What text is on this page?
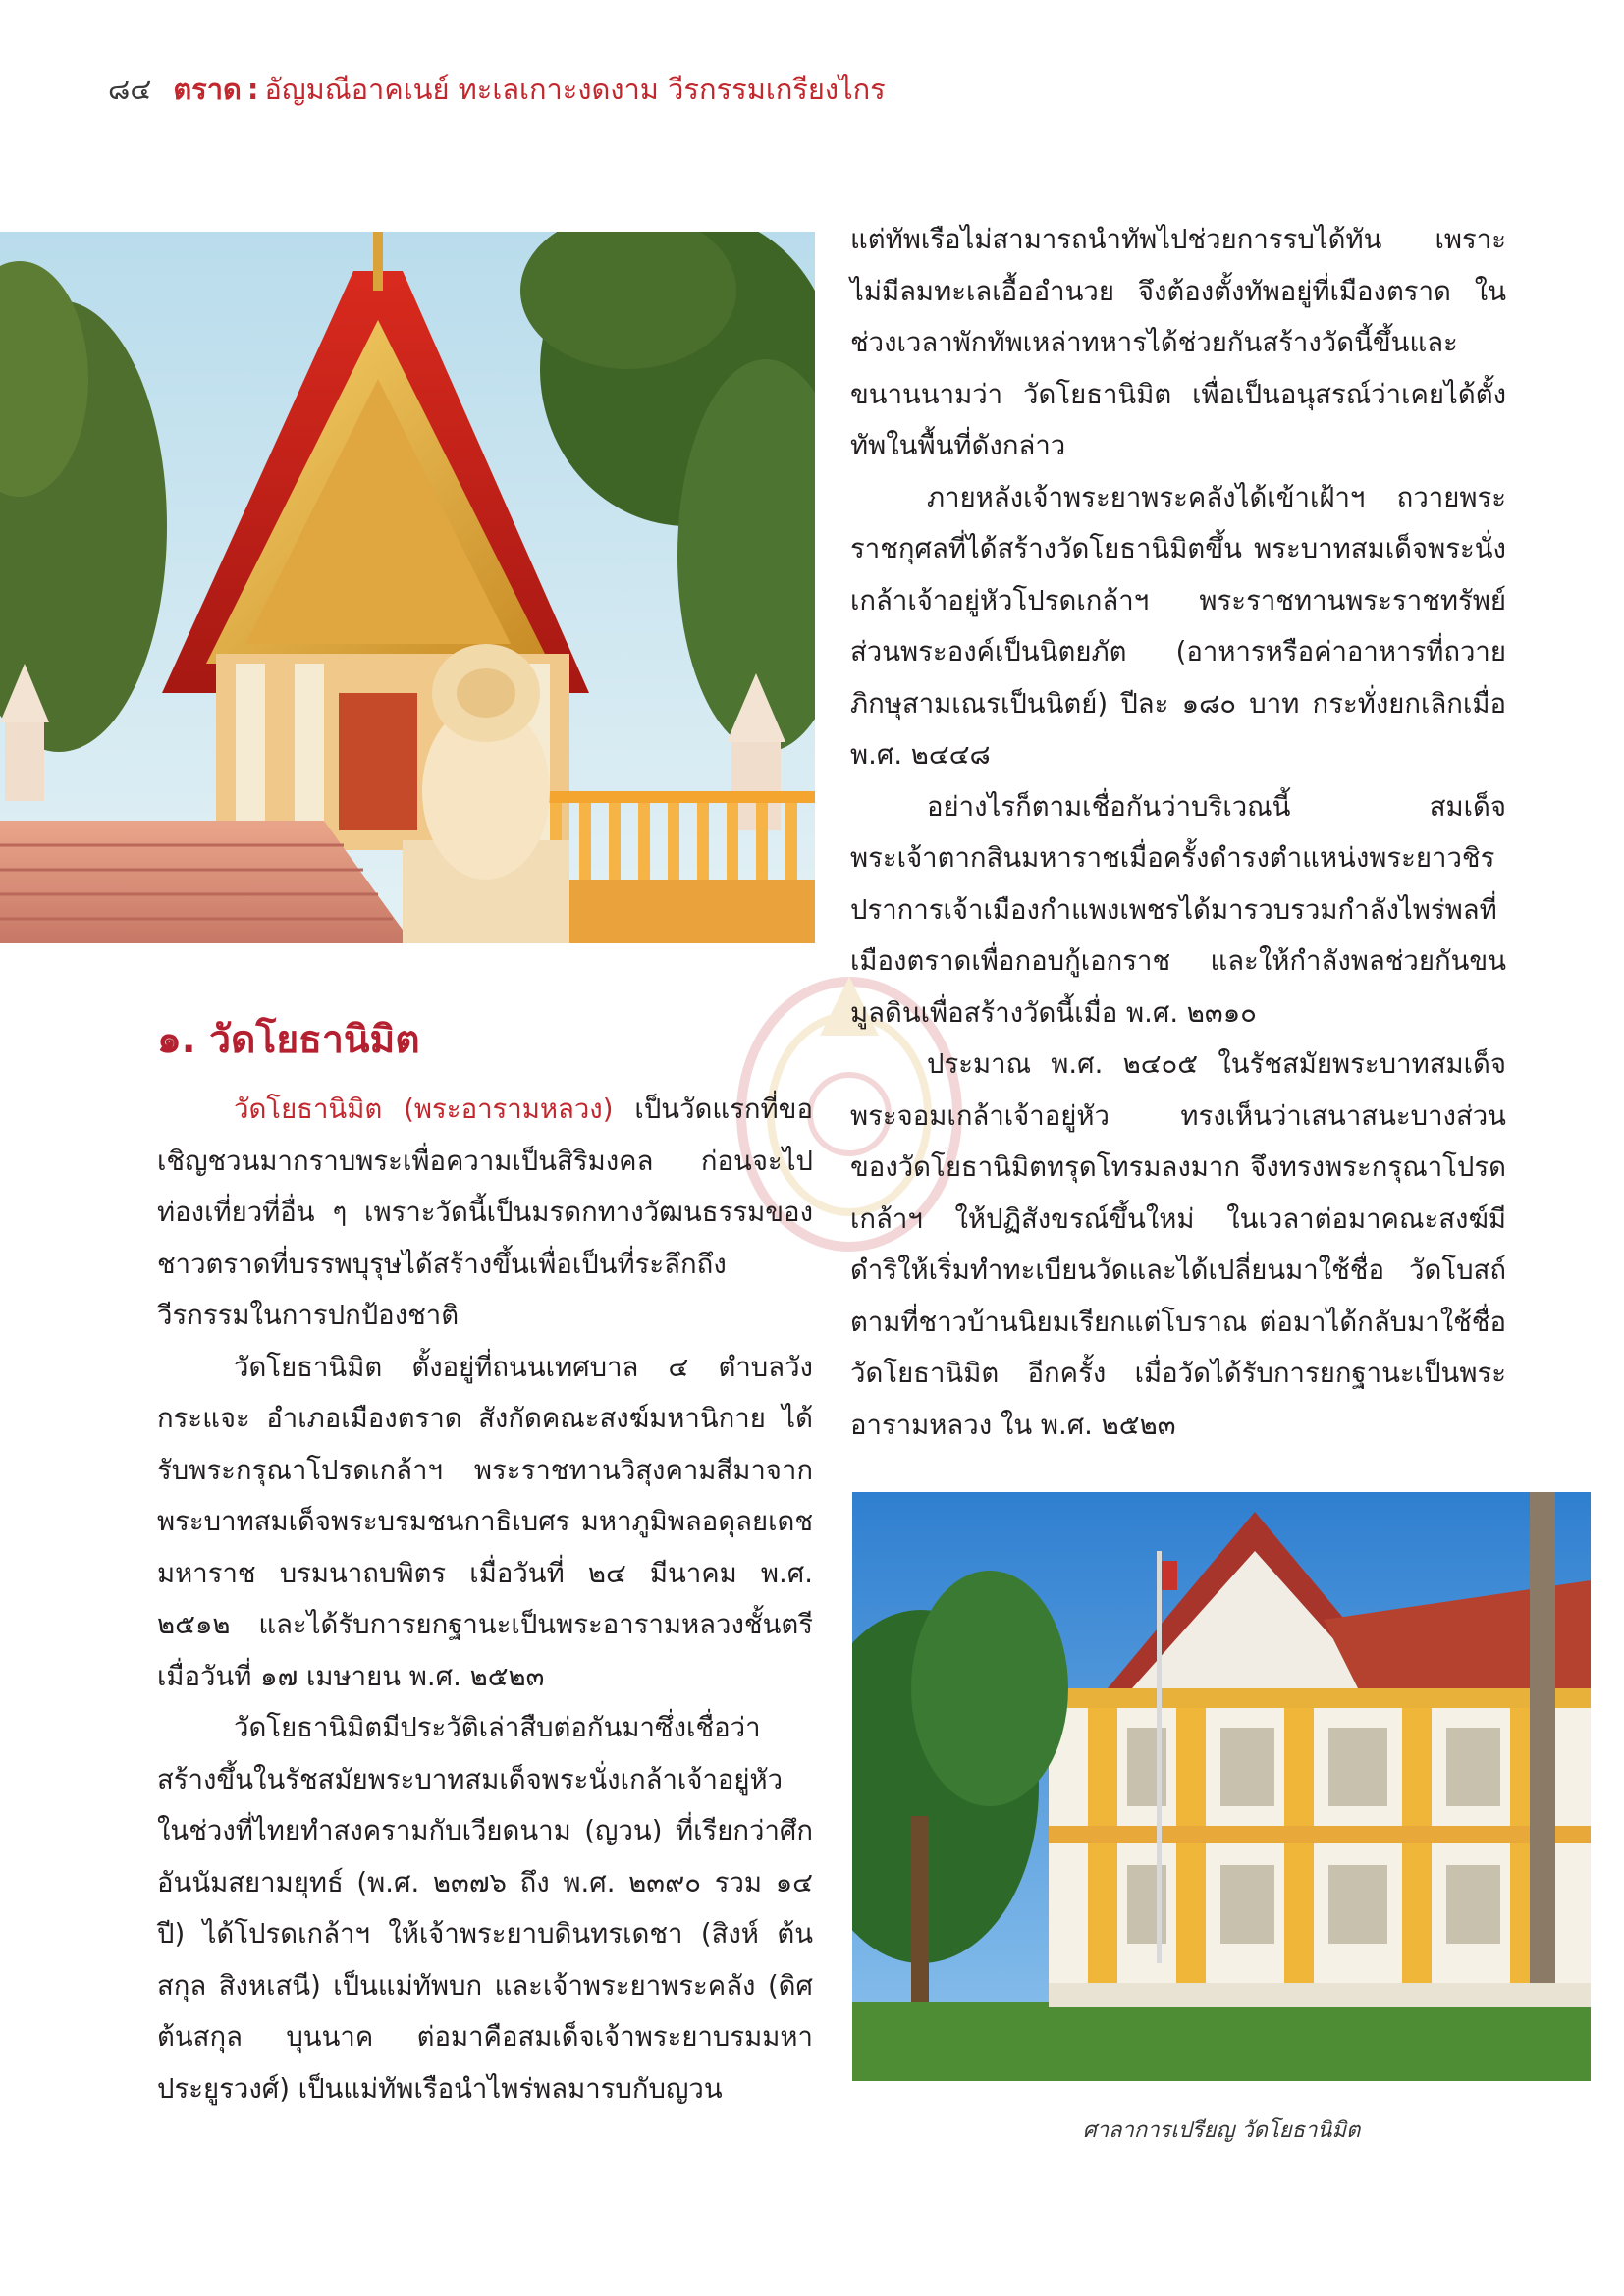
๘๔ ตราด : อัญมณีอาคเนย์ ทะเลเกาะงดงาม วีรกรรมเกรียงไกร
๑. วัดโยธานิมิต

วัดโยธานิมิต (พระอารามหลวง) เป็นวัดแรกที่ขอเชิญชวนมากราบพระเพื่อความเป็นสิริมงคล ก่อนจะไปท่องเที่ยวที่อื่น ๆ เพราะวัดนี้เป็นมรดกทางวัฒนธรรมของชาวตราดที่บรรพบุรุษได้สร้างขึ้นเพื่อเป็นที่ระลึกถึงวีรกรรมในการปกป้องชาติ

วัดโยธานิมิต ตั้งอยู่ที่ถนนเทศบาล ๔ ตำบลวังกระแจะ อำเภอเมืองตราด สังกัดคณะสงฆ์มหานิกาย ได้รับพระกรุณาโปรดเกล้าฯ พระราชทานวิสุงคามสีมาจากพระบาทสมเด็จพระบรมชนกาธิเบศร มหาภูมิพลอดุลยเดช มหาราช บรมนาถบพิตร เมื่อวันที่ ๒๔ มีนาคม พ.ศ. ๒๕๑๒ และได้รับการยกฐานะเป็นพระอารามหลวงชั้นตรี เมื่อวันที่ ๑๗ เมษายน พ.ศ. ๒๕๒๓

วัดโยธานิมิตมีประวัติเล่าสืบต่อกันมาซึ่งเชื่อว่าสร้างขึ้นในรัชสมัยพระบาทสมเด็จพระนั่งเกล้าเจ้าอยู่หัว ในช่วงที่ไทยทำสงครามกับเวียดนาม (ญวน) ที่เรียกว่าศึกอันนัมสยามยุทธ์ (พ.ศ. ๒๓๗๖ ถึง พ.ศ. ๒๓๙๐ รวม ๑๔ ปี) ได้โปรดเกล้าฯ ให้เจ้าพระยาบดินทรเดชา (สิงห์ ต้นสกุล สิงหเสนี) เป็นแม่ทัพบก และเจ้าพระยาพระคลัง (ดิศ ต้นสกุล บุนนาค ต่อมาคือสมเด็จเจ้าพระยาบรมมหาประยูรวงศ์) เป็นแม่ทัพเรือนำไพร่พลมารบกับญวน

แต่ทัพเรือไม่สามารถนำทัพไปช่วยการรบได้ทัน เพราะไม่มีลมทะเลเอื้ออำนวย จึงต้องตั้งทัพอยู่ที่เมืองตราด ในช่วงเวลาพักทัพเหล่าทหารได้ช่วยกันสร้างวัดนี้ขึ้นและขนานนามว่า วัดโยธานิมิต เพื่อเป็นอนุสรณ์ว่าเคยได้ตั้งทัพในพื้นที่ดังกล่าว

ภายหลังเจ้าพระยาพระคลังได้เข้าเฝ้าฯ ถวายพระราชกุศลที่ได้สร้างวัดโยธานิมิตขึ้น พระบาทสมเด็จพระนั่งเกล้าเจ้าอยู่หัวโปรดเกล้าฯ พระราชทานพระราชทรัพย์ส่วนพระองค์เป็นนิตยภัต (อาหารหรือค่าอาหารที่ถวายภิกษุสามเณรเป็นนิตย์) ปีละ ๑๘๐ บาท กระทั่งยกเลิกเมื่อ พ.ศ. ๒๔๔๘

อย่างไรก็ตามเชื่อกันว่าบริเวณนี้ สมเด็จพระเจ้าตากสินมหาราชเมื่อครั้งดำรงตำแหน่งพระยาวชิรปราการเจ้าเมืองกำแพงเพชรได้มารวบรวมกำลังไพร่พลที่เมืองตราดเพื่อกอบกู้เอกราช และให้กำลังพลช่วยกันขนมูลดินเพื่อสร้างวัดนี้เมื่อ พ.ศ. ๒๓๑๐

ประมาณ พ.ศ. ๒๔๐๕ ในรัชสมัยพระบาทสมเด็จพระจอมเกล้าเจ้าอยู่หัว ทรงเห็นว่าเสนาสนะบางส่วนของวัดโยธานิมิตทรุดโทรมลงมาก จึงทรงพระกรุณาโปรดเกล้าฯ ให้ปฏิสังขรณ์ขึ้นใหม่ ในเวลาต่อมาคณะสงฆ์มีดำริให้เริ่มทำทะเบียนวัดและได้เปลี่ยนมาใช้ชื่อ วัดโบสถ์ ตามที่ชาวบ้านนิยมเรียกแต่โบราณ ต่อมาได้กลับมาใช้ชื่อ วัดโยธานิมิต อีกครั้ง เมื่อวัดได้รับการยกฐานะเป็นพระอารามหลวง ใน พ.ศ. ๒๕๒๓

ศาลาการเปรียญ วัดโยธานิมิต
